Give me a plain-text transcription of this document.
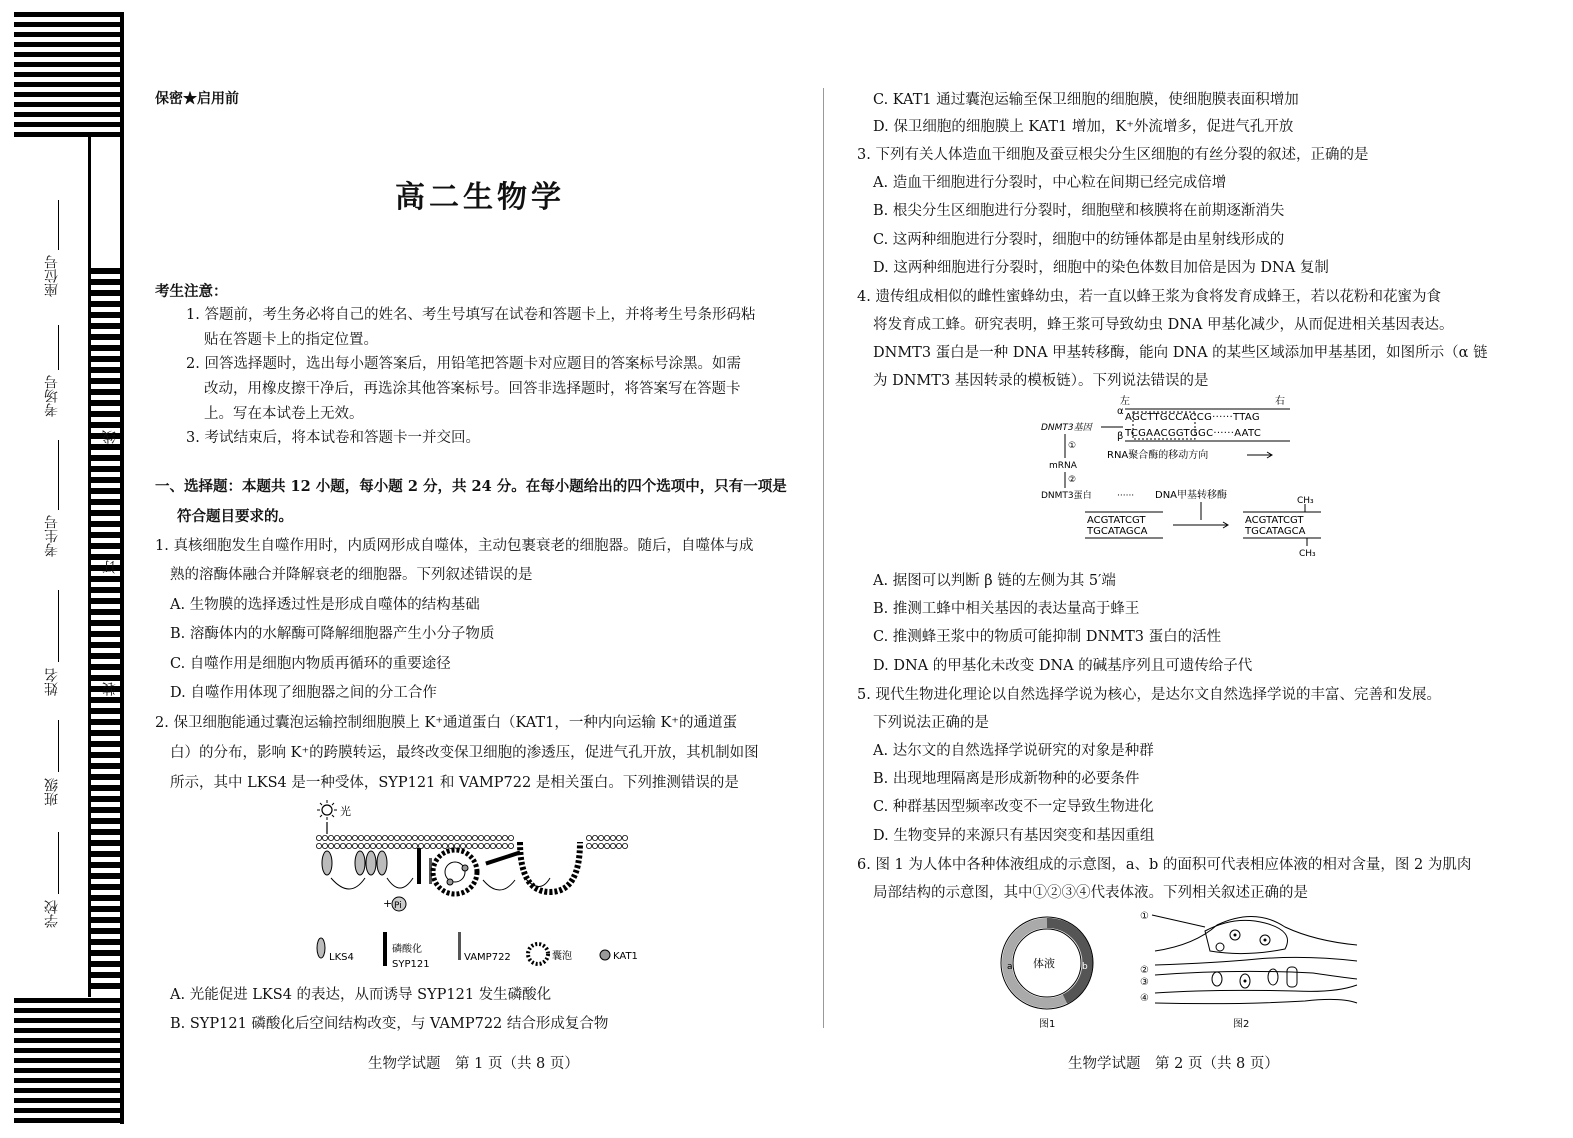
座位号
考场号
考生号
姓名
班级
学校
线
订
装
保密★启用前
高二生物学
考生注意：
1. 答题前，考生务必将自己的姓名、考生号填写在试卷和答题卡上，并将考生号条形码粘
贴在答题卡上的指定位置。
2. 回答选择题时，选出每小题答案后，用铅笔把答题卡对应题目的答案标号涂黑。如需
改动，用橡皮擦干净后，再选涂其他答案标号。回答非选择题时，将答案写在答题卡
上。写在本试卷上无效。
3. 考试结束后，将本试卷和答题卡一并交回。
一、选择题：本题共 12 小题，每小题 2 分，共 24 分。在每小题给出的四个选项中，只有一项是
符合题目要求的。
1. 真核细胞发生自噬作用时，内质网形成自噬体，主动包裹衰老的细胞器。随后，自噬体与成
熟的溶酶体融合并降解衰老的细胞器。下列叙述错误的是
A. 生物膜的选择透过性是形成自噬体的结构基础
B. 溶酶体内的水解酶可降解细胞器产生小分子物质
C. 自噬作用是细胞内物质再循环的重要途径
D. 自噬作用体现了细胞器之间的分工合作
2. 保卫细胞能通过囊泡运输控制细胞膜上 K⁺通道蛋白（KAT1，一种内向运输 K⁺的通道蛋
白）的分布，影响 K⁺的跨膜转运，最终改变保卫细胞的渗透压，促进气孔开放，其机制如图
所示，其中 LKS4 是一种受体，SYP121 和 VAMP722 是相关蛋白。下列推测错误的是
光
+ Pi
LKS4
磷酸化
SYP121
VAMP722	囊泡	KAT1
A. 光能促进 LKS4 的表达，从而诱导 SYP121 发生磷酸化
B. SYP121 磷酸化后空间结构改变，与 VAMP722 结合形成复合物
生物学试题　第 1 页（共 8 页）
C. KAT1 通过囊泡运输至保卫细胞的细胞膜，使细胞膜表面积增加
D. 保卫细胞的细胞膜上 KAT1 增加，K⁺外流增多，促进气孔开放
3. 下列有关人体造血干细胞及蚕豆根尖分生区细胞的有丝分裂的叙述，正确的是
A. 造血干细胞进行分裂时，中心粒在间期已经完成倍增
B. 根尖分生区细胞进行分裂时，细胞壁和核膜将在前期逐渐消失
C. 这两种细胞进行分裂时，细胞中的纺锤体都是由星射线形成的
D. 这两种细胞进行分裂时，细胞中的染色体数目加倍是因为 DNA 复制
4. 遗传组成相似的雌性蜜蜂幼虫，若一直以蜂王浆为食将发育成蜂王，若以花粉和花蜜为食
将发育成工蜂。研究表明，蜂王浆可导致幼虫 DNA 甲基化减少，从而促进相关基因表达。
DNMT3 蛋白是一种 DNA 甲基转移酶，能向 DNA 的某些区域添加甲基基团，如图所示（α 链
为 DNMT3 基因转录的模板链）。下列说法错误的是
左	右
α
AGCTTGCCACCG······TTAG
β TCGAACGGTGGC······AATC
DNMT3基因
①
mRNA
②
RNA聚合酶的移动方向
DNMT3蛋白	······ DNA甲基转移酶
ACGTATCGT
TGCATAGCA
ACGTATCGT
TGCATAGCA
CH₃
CH₃
A. 据图可以判断 β 链的左侧为其 5′端
B. 推测工蜂中相关基因的表达量高于蜂王
C. 推测蜂王浆中的物质可能抑制 DNMT3 蛋白的活性
D. DNA 的甲基化未改变 DNA 的碱基序列且可遗传给子代
5. 现代生物进化理论以自然选择学说为核心，是达尔文自然选择学说的丰富、完善和发展。
下列说法正确的是
A. 达尔文的自然选择学说研究的对象是种群
B. 出现地理隔离是形成新物种的必要条件
C. 种群基因型频率改变不一定导致生物进化
D. 生物变异的来源只有基因突变和基因重组
6. 图 1 为人体中各种体液组成的示意图，a、b 的面积可代表相应体液的相对含量，图 2 为肌肉
局部结构的示意图，其中①②③④代表体液。下列相关叙述正确的是
体液
a	b
图1
①
②
③
④
图2
生物学试题　第 2 页（共 8 页）
